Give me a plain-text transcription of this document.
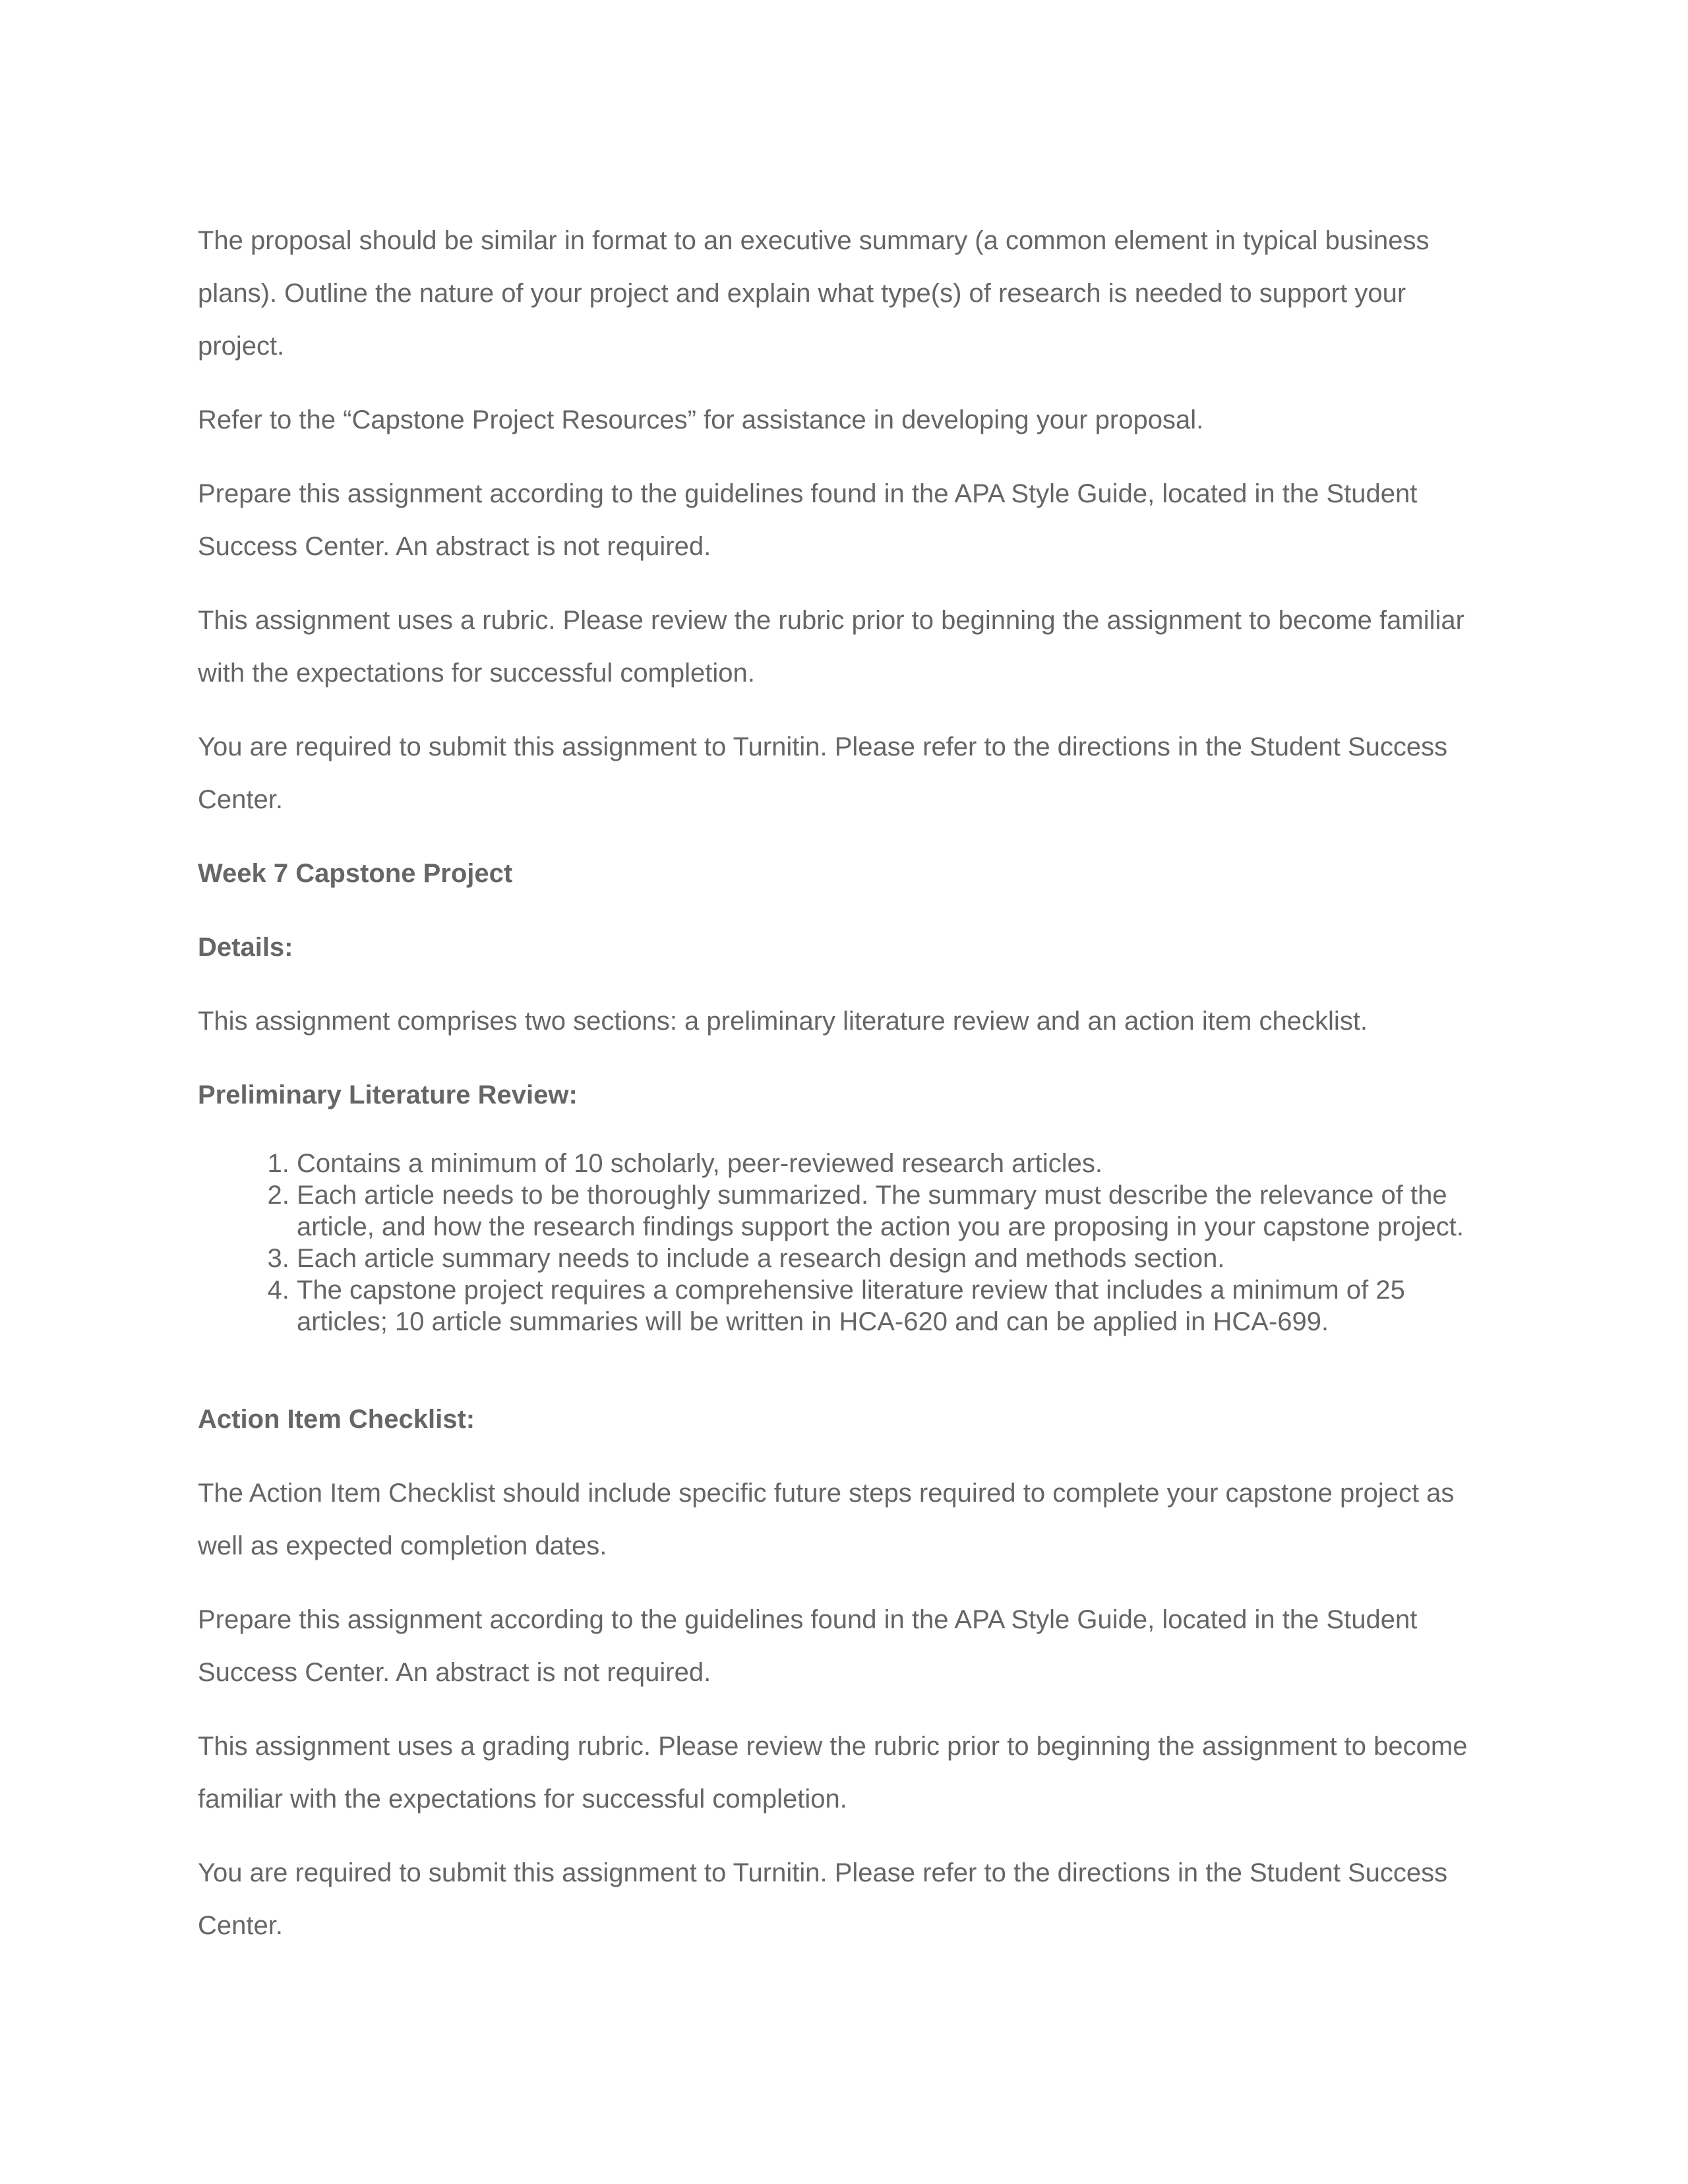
The proposal should be similar in format to an executive summary (a common element in typical business plans). Outline the nature of your project and explain what type(s) of research is needed to support your project.

Refer to the “Capstone Project Resources” for assistance in developing your proposal.

Prepare this assignment according to the guidelines found in the APA Style Guide, located in the Student Success Center. An abstract is not required.

This assignment uses a rubric. Please review the rubric prior to beginning the assignment to become familiar with the expectations for successful completion.

You are required to submit this assignment to Turnitin. Please refer to the directions in the Student Success Center.

Week 7 Capstone Project

Details:

This assignment comprises two sections: a preliminary literature review and an action item checklist.

Preliminary Literature Review:

1. Contains a minimum of 10 scholarly, peer-reviewed research articles.
2. Each article needs to be thoroughly summarized. The summary must describe the relevance of the article, and how the research findings support the action you are proposing in your capstone project.
3. Each article summary needs to include a research design and methods section.
4. The capstone project requires a comprehensive literature review that includes a minimum of 25 articles; 10 article summaries will be written in HCA-620 and can be applied in HCA-699.

Action Item Checklist:

The Action Item Checklist should include specific future steps required to complete your capstone project as well as expected completion dates.

Prepare this assignment according to the guidelines found in the APA Style Guide, located in the Student Success Center. An abstract is not required.

This assignment uses a grading rubric. Please review the rubric prior to beginning the assignment to become familiar with the expectations for successful completion.

You are required to submit this assignment to Turnitin. Please refer to the directions in the Student Success Center.
